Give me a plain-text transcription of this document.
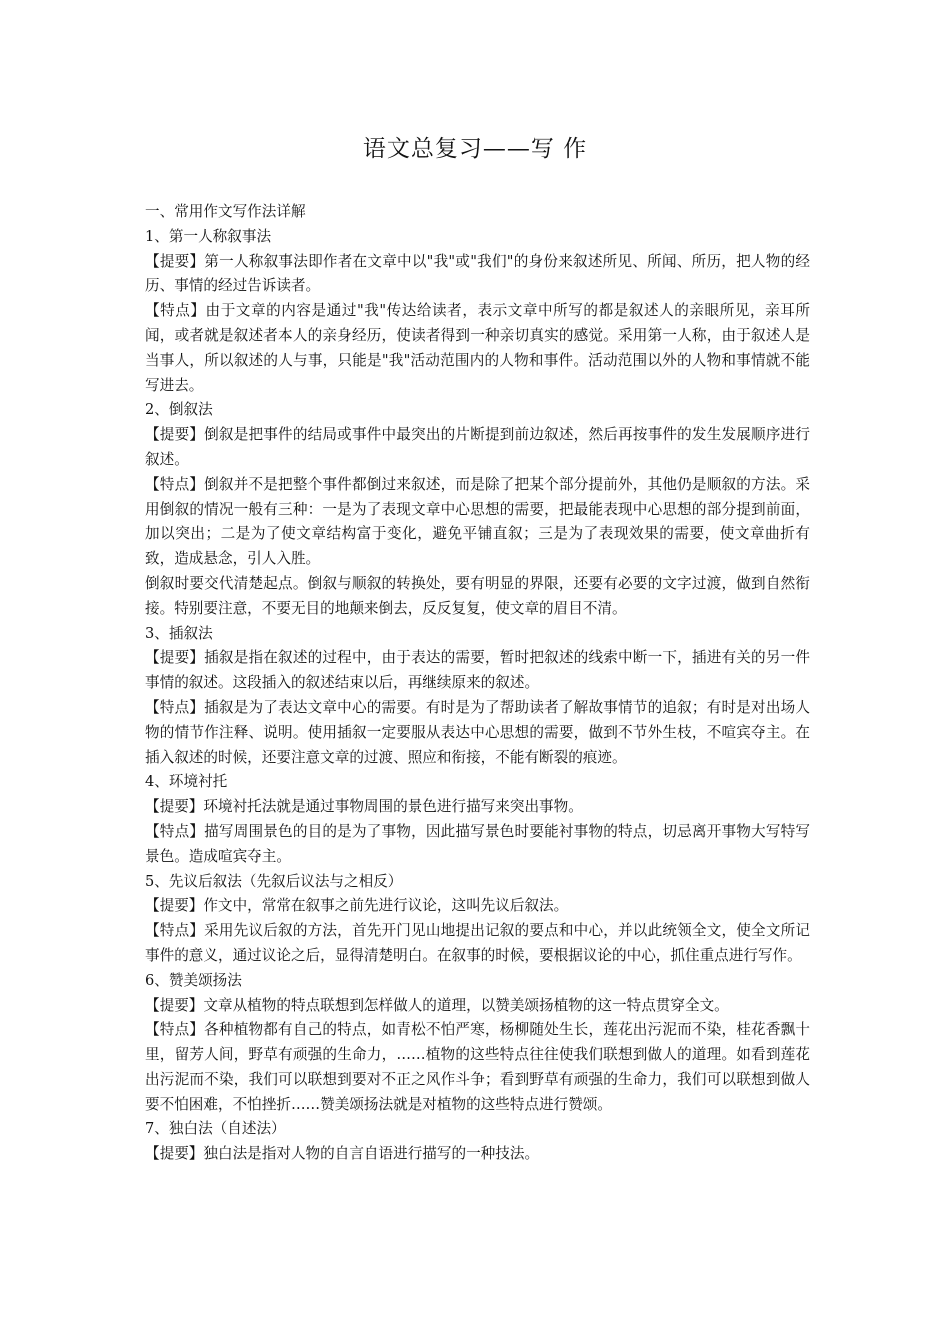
语文总复习——写 作

一、常用作文写作法详解

1、第一人称叙事法

【提要】第一人称叙事法即作者在文章中以"我"或"我们"的身份来叙述所见、所闻、所历，把人物的经历、事情的经过告诉读者。

【特点】由于文章的内容是通过"我"传达给读者，表示文章中所写的都是叙述人的亲眼所见，亲耳所闻，或者就是叙述者本人的亲身经历，使读者得到一种亲切真实的感觉。采用第一人称，由于叙述人是当事人，所以叙述的人与事，只能是"我"活动范围内的人物和事件。活动范围以外的人物和事情就不能写进去。

2、倒叙法

【提要】倒叙是把事件的结局或事件中最突出的片断提到前边叙述，然后再按事件的发生发展顺序进行叙述。

【特点】倒叙并不是把整个事件都倒过来叙述，而是除了把某个部分提前外，其他仍是顺叙的方法。采用倒叙的情况一般有三种：一是为了表现文章中心思想的需要，把最能表现中心思想的部分提到前面，加以突出；二是为了使文章结构富于变化，避免平铺直叙；三是为了表现效果的需要，使文章曲折有致，造成悬念，引人入胜。

倒叙时要交代清楚起点。倒叙与顺叙的转换处，要有明显的界限，还要有必要的文字过渡，做到自然衔接。特别要注意，不要无目的地颠来倒去，反反复复，使文章的眉目不清。

3、插叙法

【提要】插叙是指在叙述的过程中，由于表达的需要，暂时把叙述的线索中断一下，插进有关的另一件事情的叙述。这段插入的叙述结束以后，再继续原来的叙述。

【特点】插叙是为了表达文章中心的需要。有时是为了帮助读者了解故事情节的追叙；有时是对出场人物的情节作注释、说明。使用插叙一定要服从表达中心思想的需要，做到不节外生枝，不喧宾夺主。在插入叙述的时候，还要注意文章的过渡、照应和衔接，不能有断裂的痕迹。

4、环境衬托

【提要】环境衬托法就是通过事物周围的景色进行描写来突出事物。

【特点】描写周围景色的目的是为了事物，因此描写景色时要能衬事物的特点，切忌离开事物大写特写景色。造成喧宾夺主。

5、先议后叙法（先叙后议法与之相反）

【提要】作文中，常常在叙事之前先进行议论，这叫先议后叙法。

【特点】采用先议后叙的方法，首先开门见山地提出记叙的要点和中心，并以此统领全文，使全文所记事件的意义，通过议论之后，显得清楚明白。在叙事的时候，要根据议论的中心，抓住重点进行写作。

6、赞美颂扬法

【提要】文章从植物的特点联想到怎样做人的道理，以赞美颂扬植物的这一特点贯穿全文。

【特点】各种植物都有自己的特点，如青松不怕严寒，杨柳随处生长，莲花出污泥而不染，桂花香飘十里，留芳人间，野草有顽强的生命力，……植物的这些特点往往使我们联想到做人的道理。如看到莲花出污泥而不染，我们可以联想到要对不正之风作斗争；看到野草有顽强的生命力，我们可以联想到做人要不怕困难，不怕挫折……赞美颂扬法就是对植物的这些特点进行赞颂。

7、独白法（自述法）

【提要】独白法是指对人物的自言自语进行描写的一种技法。
